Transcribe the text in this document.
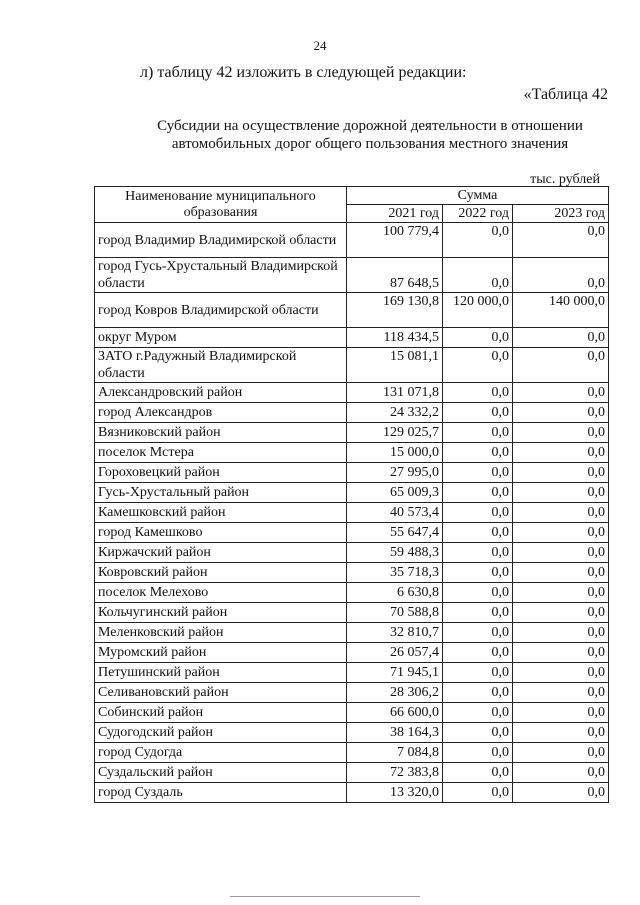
24
л) таблицу 42 изложить в следующей редакции:
«Таблица 42
Субсидии на осуществление дорожной деятельности в отношении
автомобильных дорог общего пользования местного значения
тыс. рублей
Наименование муниципального образования	Сумма		
	2021 год	2022 год	2023 год
город Владимир Владимирской области	100 779,4	0,0	0,0
город Гусь-Хрустальный Владимирской области	87 648,5	0,0	0,0
город Ковров Владимирской области	169 130,8	120 000,0	140 000,0
округ Муром	118 434,5	0,0	0,0
ЗАТО г.Радужный Владимирской области	15 081,1	0,0	0,0
Александровский район	131 071,8	0,0	0,0
город Александров	24 332,2	0,0	0,0
Вязниковский район	129 025,7	0,0	0,0
поселок Мстера	15 000,0	0,0	0,0
Гороховецкий район	27 995,0	0,0	0,0
Гусь-Хрустальный район	65 009,3	0,0	0,0
Камешковский район	40 573,4	0,0	0,0
город Камешково	55 647,4	0,0	0,0
Киржачский район	59 488,3	0,0	0,0
Ковровский район	35 718,3	0,0	0,0
поселок Мелехово	6 630,8	0,0	0,0
Кольчугинский район	70 588,8	0,0	0,0
Меленковский район	32 810,7	0,0	0,0
Муромский район	26 057,4	0,0	0,0
Петушинский район	71 945,1	0,0	0,0
Селивановский район	28 306,2	0,0	0,0
Собинский район	66 600,0	0,0	0,0
Судогодский район	38 164,3	0,0	0,0
город Судогда	7 084,8	0,0	0,0
Суздальский район	72 383,8	0,0	0,0
город Суздаль	13 320,0	0,0	0,0
